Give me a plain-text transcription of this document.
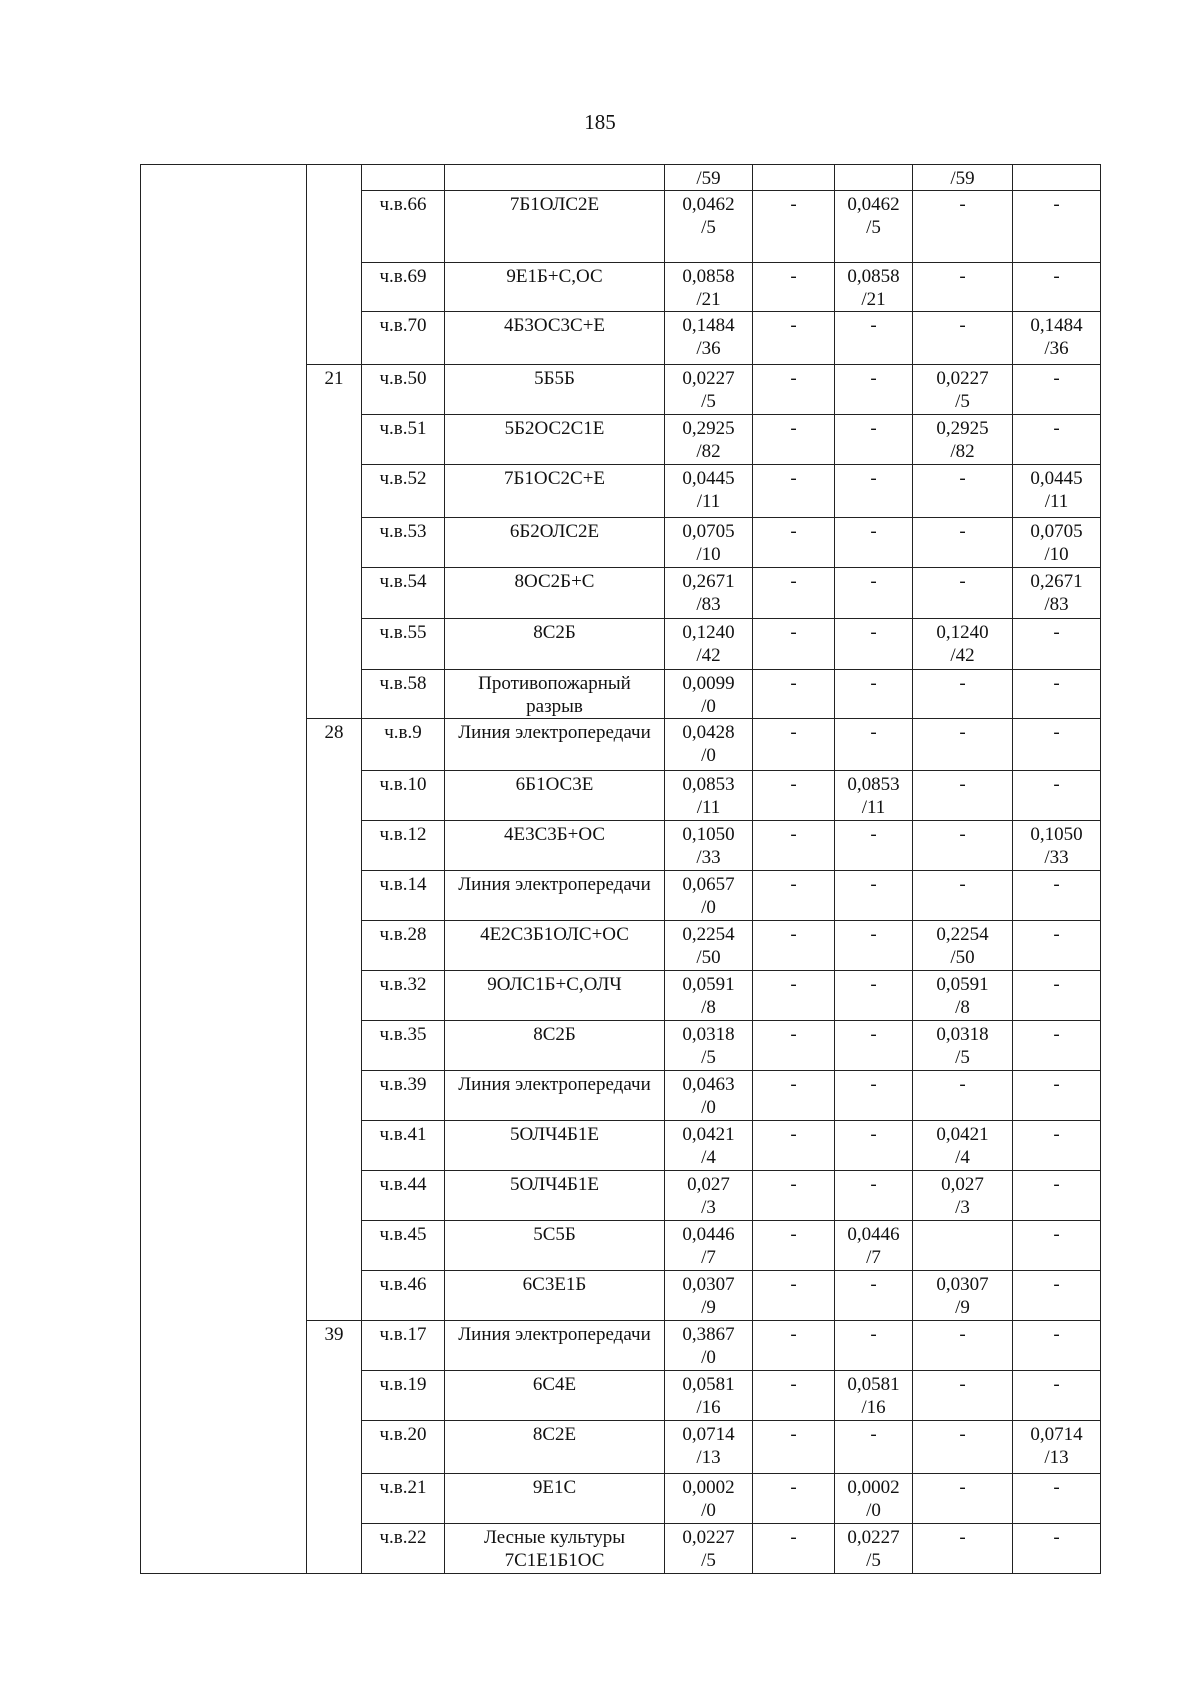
185

				/59			/59	

		ч.в.66	7Б1ОЛС2Е	0,0462
/5	-	0,0462
/5	-	-

		ч.в.69	9Е1Б+С,ОС	0,0858
/21	-	0,0858
/21	-	-

		ч.в.70	4Б3ОС3С+Е	0,1484
/36	-	-	-	0,1484
/36

	21	ч.в.50	5Б5Б	0,0227
/5	-	-	0,0227
/5	-

		ч.в.51	5Б2ОС2С1Е	0,2925
/82	-	-	0,2925
/82	-

		ч.в.52	7Б1ОС2С+Е	0,0445
/11	-	-	-	0,0445
/11

		ч.в.53	6Б2ОЛС2Е	0,0705
/10	-	-	-	0,0705
/10

		ч.в.54	8ОС2Б+С	0,2671
/83	-	-	-	0,2671
/83

		ч.в.55	8С2Б	0,1240
/42	-	-	0,1240
/42	-

		ч.в.58	Противопожарный
разрыв	0,0099
/0	-	-	-	-

	28	ч.в.9	Линия электропередачи	0,0428
/0	-	-	-	-

		ч.в.10	6Б1ОС3Е	0,0853
/11	-	0,0853
/11	-	-

		ч.в.12	4Е3С3Б+ОС	0,1050
/33	-	-	-	0,1050
/33

		ч.в.14	Линия электропередачи	0,0657
/0	-	-	-	-

		ч.в.28	4Е2С3Б1ОЛС+ОС	0,2254
/50	-	-	0,2254
/50	-

		ч.в.32	9ОЛС1Б+С,ОЛЧ	0,0591
/8	-	-	0,0591
/8	-

		ч.в.35	8С2Б	0,0318
/5	-	-	0,0318
/5	-

		ч.в.39	Линия электропередачи	0,0463
/0	-	-	-	-

		ч.в.41	5ОЛЧ4Б1Е	0,0421
/4	-	-	0,0421
/4	-

		ч.в.44	5ОЛЧ4Б1Е	0,027
/3	-	-	0,027
/3	-

		ч.в.45	5С5Б	0,0446
/7	-	0,0446
/7		-

		ч.в.46	6С3Е1Б	0,0307
/9	-	-	0,0307
/9	-

	39	ч.в.17	Линия электропередачи	0,3867
/0	-	-	-	-

		ч.в.19	6С4Е	0,0581
/16	-	0,0581
/16	-	-

		ч.в.20	8С2Е	0,0714
/13	-	-	-	0,0714
/13

		ч.в.21	9Е1С	0,0002
/0	-	0,0002
/0	-	-

		ч.в.22	Лесные культуры
7С1Е1Б1ОС	0,0227
/5	-	0,0227
/5	-	-
